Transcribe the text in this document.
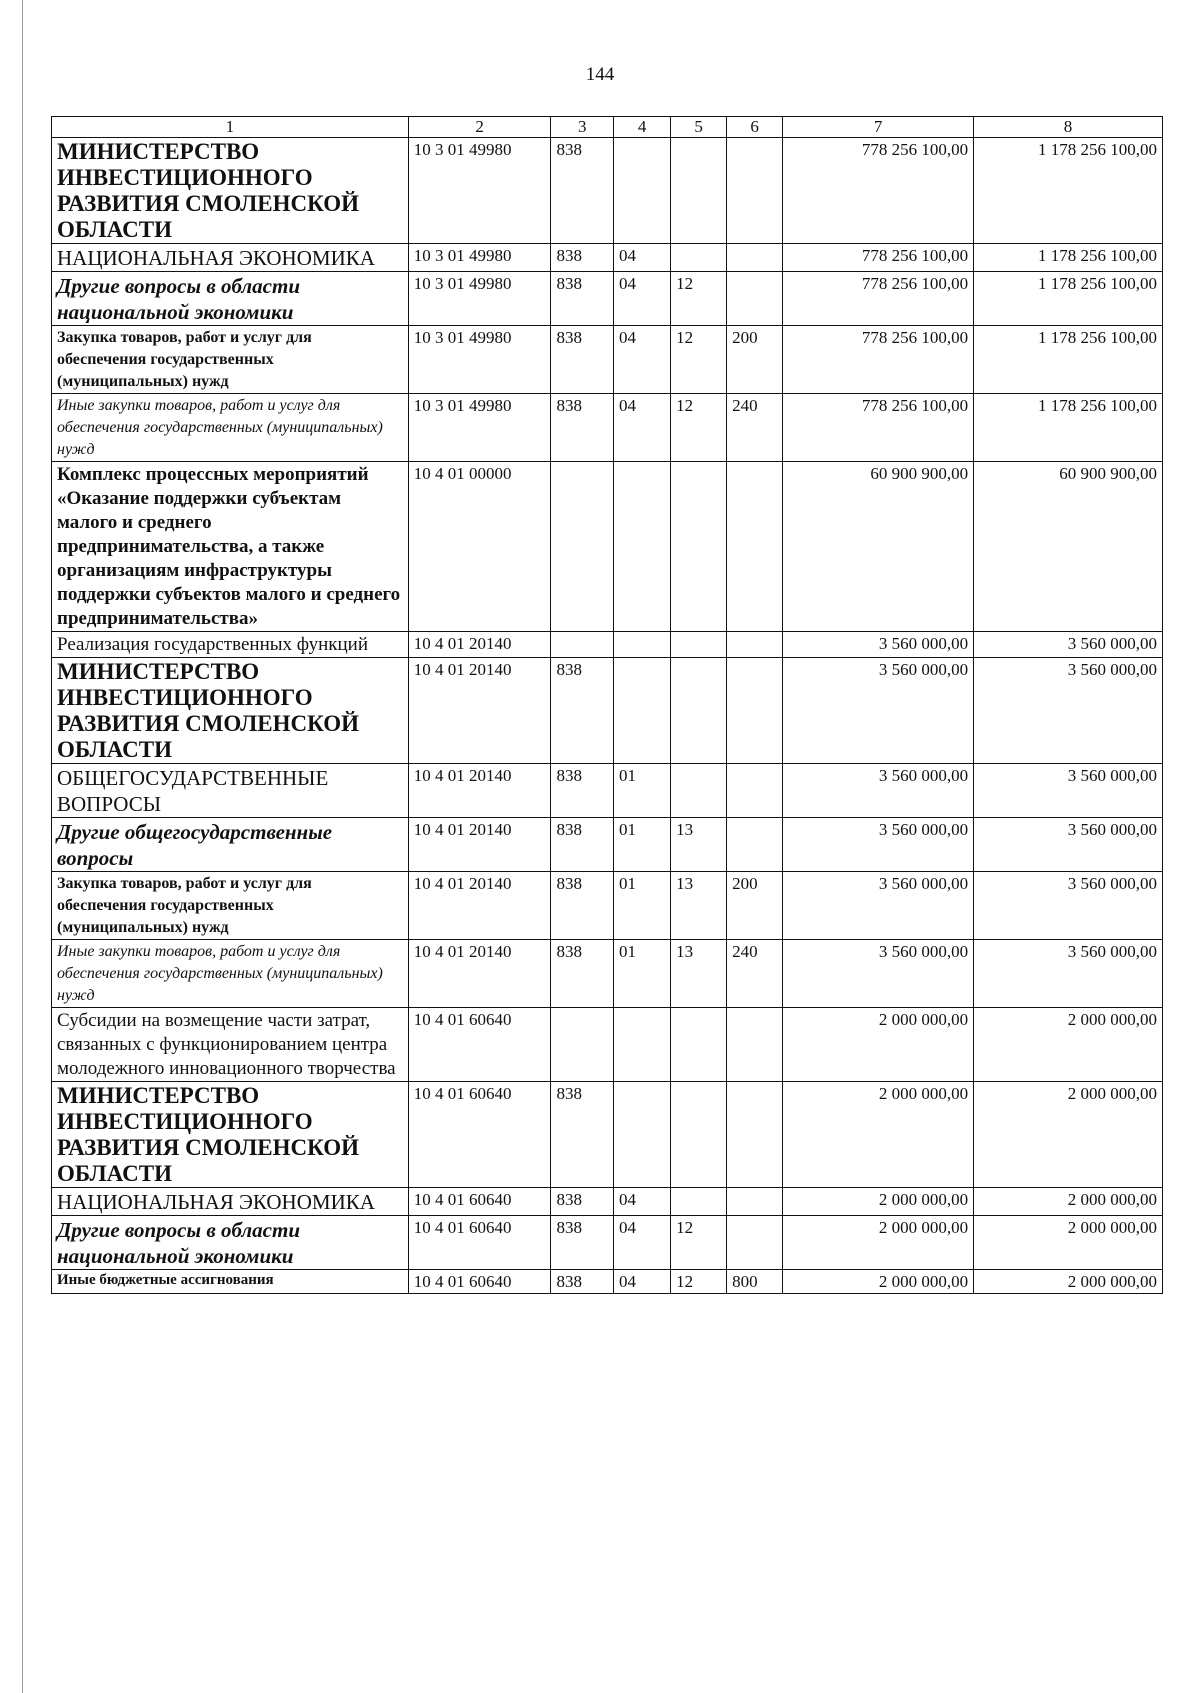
144
1	2	3	4	5	6	7	8
МИНИСТЕРСТВО ИНВЕСТИЦИОННОГО РАЗВИТИЯ СМОЛЕНСКОЙ ОБЛАСТИ	10 3 01 49980	838				778 256 100,00	1 178 256 100,00
НАЦИОНАЛЬНАЯ ЭКОНОМИКА	10 3 01 49980	838	04			778 256 100,00	1 178 256 100,00
Другие вопросы в области национальной экономики	10 3 01 49980	838	04	12		778 256 100,00	1 178 256 100,00
Закупка товаров, работ и услуг для обеспечения государственных (муниципальных) нужд	10 3 01 49980	838	04	12	200	778 256 100,00	1 178 256 100,00
Иные закупки товаров, работ и услуг для обеспечения государственных (муниципальных) нужд	10 3 01 49980	838	04	12	240	778 256 100,00	1 178 256 100,00
Комплекс процессных мероприятий «Оказание поддержки субъектам малого и среднего предпринимательства, а также организациям инфраструктуры поддержки субъектов малого и среднего предпринимательства»	10 4 01 00000					60 900 900,00	60 900 900,00
Реализация государственных функций	10 4 01 20140					3 560 000,00	3 560 000,00
МИНИСТЕРСТВО ИНВЕСТИЦИОННОГО РАЗВИТИЯ СМОЛЕНСКОЙ ОБЛАСТИ	10 4 01 20140	838				3 560 000,00	3 560 000,00
ОБЩЕГОСУДАРСТВЕННЫЕ ВОПРОСЫ	10 4 01 20140	838	01			3 560 000,00	3 560 000,00
Другие общегосударственные вопросы	10 4 01 20140	838	01	13		3 560 000,00	3 560 000,00
Закупка товаров, работ и услуг для обеспечения государственных (муниципальных) нужд	10 4 01 20140	838	01	13	200	3 560 000,00	3 560 000,00
Иные закупки товаров, работ и услуг для обеспечения государственных (муниципальных) нужд	10 4 01 20140	838	01	13	240	3 560 000,00	3 560 000,00
Субсидии на возмещение части затрат, связанных с функционированием центра молодежного инновационного творчества	10 4 01 60640					2 000 000,00	2 000 000,00
МИНИСТЕРСТВО ИНВЕСТИЦИОННОГО РАЗВИТИЯ СМОЛЕНСКОЙ ОБЛАСТИ	10 4 01 60640	838				2 000 000,00	2 000 000,00
НАЦИОНАЛЬНАЯ ЭКОНОМИКА	10 4 01 60640	838	04			2 000 000,00	2 000 000,00
Другие вопросы в области национальной экономики	10 4 01 60640	838	04	12		2 000 000,00	2 000 000,00
Иные бюджетные ассигнования	10 4 01 60640	838	04	12	800	2 000 000,00	2 000 000,00
